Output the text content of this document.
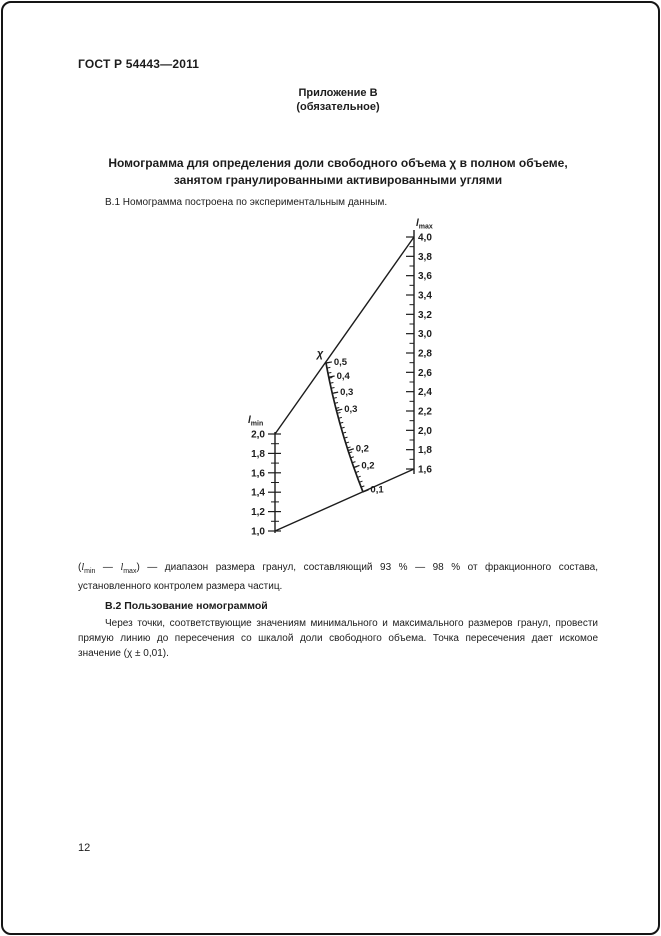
ГОСТ Р 54443—2011
Приложение В
(обязательное)
Номограмма для определения доли свободного объема χ в полном объеме,
занятом гранулированными активированными углями

В.1 Номограмма построена по экспериментальным данным.

2,0
1,8
1,6
1,4
1,2
1,0
$l_{min}$
4,0
3,8
3,6
3,4
3,2
3,0
2,8
2,6
2,4
2,2
2,0
1,8
1,6
$l_{max}$
0,5
0,4
0,3
0,3
0,2
0,2
0,1
χ

($l_{min}$ — $l_{max}$) — диапазон размера гранул, составляющий 93 % — 98 % от фракционного состава, установленного контролем размера частиц.

В.2 Пользование номограммой

Через точки, соответствующие значениям минимального и максимального размеров гранул, провести прямую линию до пересечения со шкалой доли свободного объема. Точка пересечения дает искомое значение (χ ± 0,01).

12
